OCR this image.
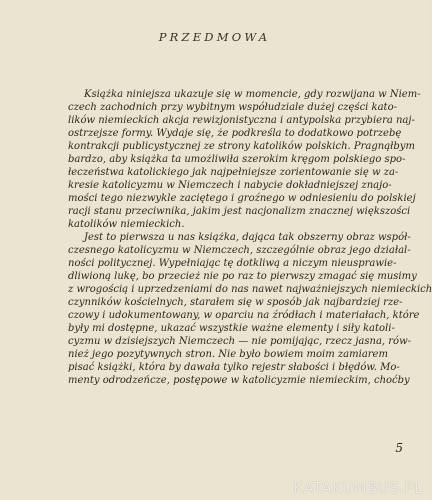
PRZEDMOWA
Książka niniejsza ukazuje się w momencie, gdy rozwijana w Niem-
czech zachodnich przy wybitnym współudziale dużej części kato-
lików niemieckich akcja rewizjonistyczna i antypolska przybiera naj-
ostrzejsze formy. Wydaje się, że podkreśla to dodatkowo potrzebę
kontrakcji publicystycznej ze strony katolików polskich. Pragnąłbym
bardzo, aby książka ta umożliwiła szerokim kręgom polskiego spo-
łeczeństwa katolickiego jak najpełniejsze zorientowanie się w za-
kresie katolicyzmu w Niemczech i nabycie dokładniejszej znajo-
mości tego niezwykle zaciętego i groźnego w odniesieniu do polskiej
racji stanu przeciwnika, jakim jest nacjonalizm znacznej większości
katolików niemieckich.
Jest to pierwsza u nas książka, dająca tak obszerny obraz współ-
czesnego katolicyzmu w Niemczech, szczególnie obraz jego działal-
ności politycznej. Wypełniając tę dotkliwą a niczym nieusprawie-
dliwioną lukę, bo przecież nie po raz to pierwszy zmagać się musimy
z wrogością i uprzedzeniami do nas nawet najważniejszych niemieckich
czynników kościelnych, starałem się w sposób jak najbardziej rze-
czowy i udokumentowany, w oparciu na źródłach i materiałach, które
były mi dostępne, ukazać wszystkie ważne elementy i siły katoli-
cyzmu w dzisiejszych Niemczech — nie pomijając, rzecz jasna, rów-
nież jego pozytywnych stron. Nie było bowiem moim zamiarem
pisać książki, która by dawała tylko rejestr słabości i błędów. Mo-
menty odrodzeńcze, postępowe w katolicyzmie niemieckim, choćby
5
KATAKUMBUS.PL
